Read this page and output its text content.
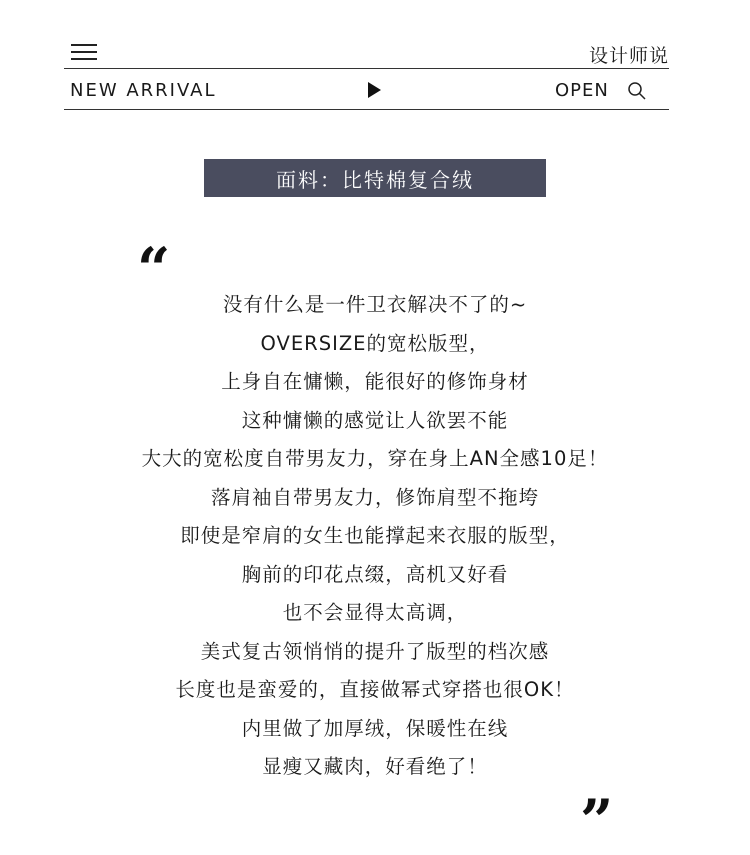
设计师说
NEW ARRIVAL	OPEN
面料：比特棉复合绒
“
没有什么是一件卫衣解决不了的~
OVERSIZE的宽松版型，
上身自在慵懒，能很好的修饰身材
这种慵懒的感觉让人欲罢不能
大大的宽松度自带男友力，穿在身上AN全感10足！
落肩袖自带男友力，修饰肩型不拖垮
即使是窄肩的女生也能撑起来衣服的版型，
胸前的印花点缀，高机又好看
也不会显得太高调，
美式复古领悄悄的提升了版型的档次感
长度也是蛮爱的，直接做幂式穿搭也很OK！
内里做了加厚绒，保暖性在线
显瘦又藏肉，好看绝了！
”
